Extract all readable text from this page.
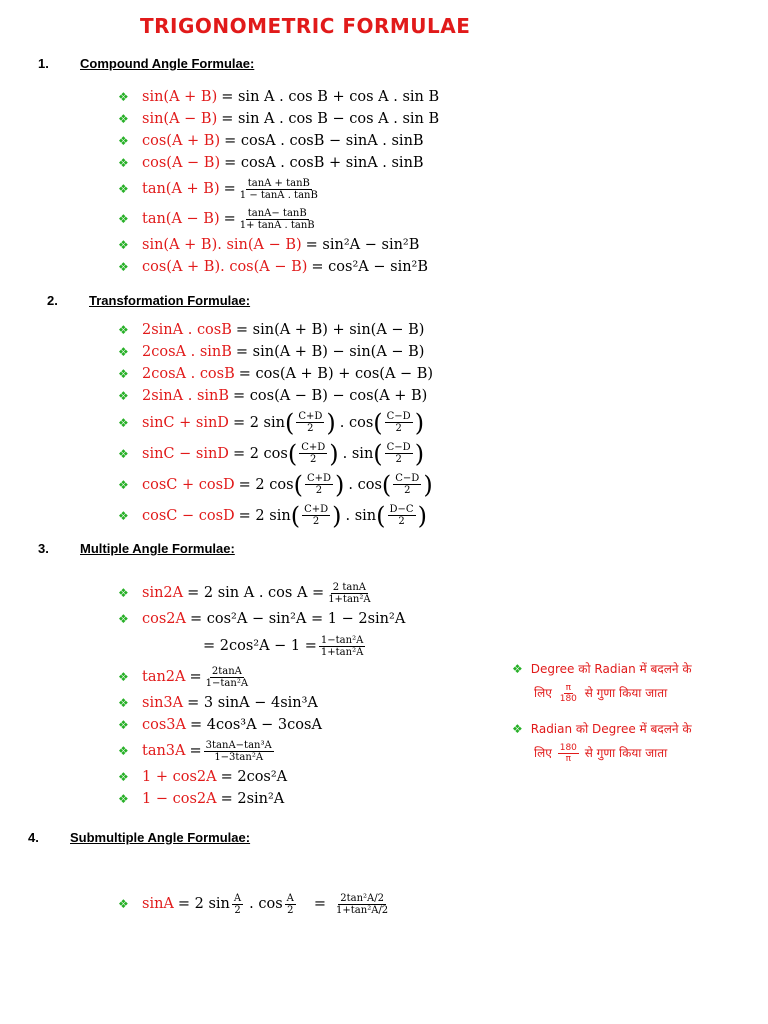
TRIGONOMETRIC FORMULAE
1. Compound Angle Formulae:
❖ sin(A + B) = sin A . cos B + cos A . sin B
❖ sin(A − B) = sin A . cos B − cos A . sin B
❖ cos(A + B) = cosA . cosB − sinA . sinB
❖ cos(A − B) = cosA . cosB + sinA . sinB
❖ $\tan(A + B) = \frac{\tan A + \tan B}{1 - \tan A . \tan B}$
❖ $\tan(A - B) = \frac{\tan A- \tan B}{1+ \tan A . \tan B}$
❖ sin(A + B). sin(A − B) = sin²A − sin²B
❖ cos(A + B). cos(A − B) = cos²A − sin²B
2. Transformation Formulae:
❖ 2sinA . cosB = sin(A + B) + sin(A − B)
❖ 2cosA . sinB = sin(A + B) − sin(A − B)
❖ 2cosA . cosB = cos(A + B) + cos(A − B)
❖ 2sinA . sinB = cos(A − B) − cos(A + B)
❖ sinC + sinD = 2 sin ( $\frac{C+D}{2}$ ) . cos ( $\frac{C-D}{2}$ )
❖ sinC − sinD = 2 cos ( $\frac{C+D}{2}$ ) . sin ( $\frac{C-D}{2}$ )
❖ cosC + cosD = 2 cos ( $\frac{C+D}{2}$ ) . cos ( $\frac{C-D}{2}$ )
❖ cosC − cosD = 2 sin ( $\frac{C+D}{2}$ ) . sin ( $\frac{D-C}{2}$ )
3. Multiple Angle Formulae:
❖ sin2A = 2 sin A . $\cos A = \frac{2 \tan A}{\text{1+tan²A}}$
❖ cos2A = cos²A − sin²A = 1 − 2sin²A
= $2\cos^2A - 1 = \frac{\text{1−tan²A}}{\text{1+tan²A}}$
❖ $\tan 2A = \frac{2\tan A}{\text{1−tan²A}}$
❖ sin3A = 3 sinA − 4sin³A
❖ cos3A = 4cos³A − 3cosA
❖ $\tan 3A = \frac{\text{3tanA−tan³A}}{\text{1−3tan²A}}$
❖ 1 + cos2A = 2cos²A
❖ 1 − cos2A = 2sin²A
❖ Degree को Radian में बदलने के
लिए $\frac{\pi}{180}$ से गुणा किया जाता
❖ Radian को Degree में बदलने के
लिए $\frac{180}{\pi}$ से गुणा किया जाता
4. Submultiple Angle Formulae:
❖ sinA = 2 $\sin \frac{A}{2}$ . $\cos \frac{A}{2} = \frac{\text{2tan²A/2}}{\text{1+tan²A/2}}$
